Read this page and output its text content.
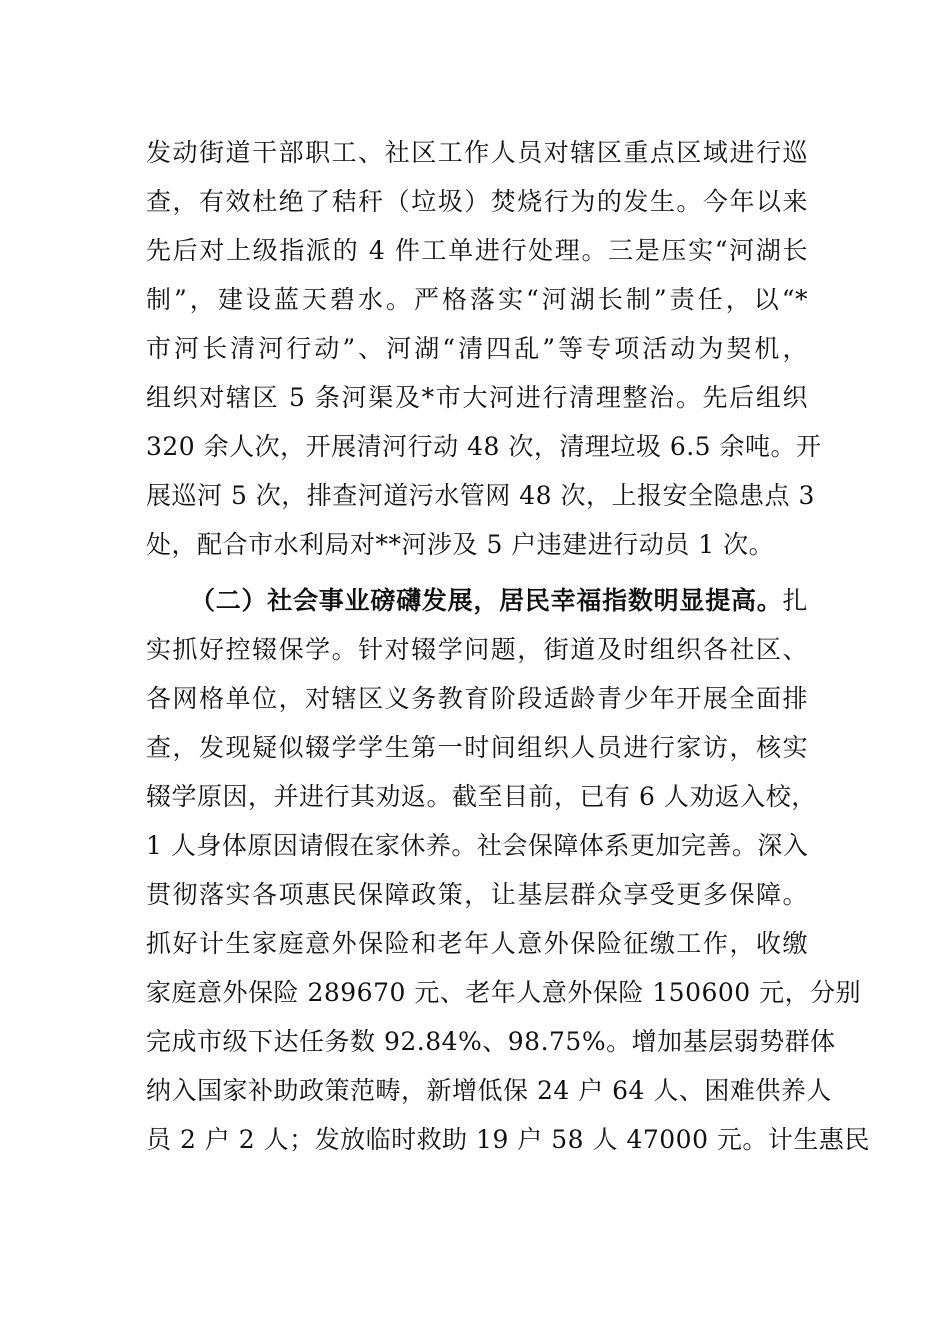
发动街道干部职工、社区工作人员对辖区重点区域进行巡
查，有效杜绝了秸秆（垃圾）焚烧行为的发生。今年以来
先后对上级指派的 4 件工单进行处理。三是压实“河湖长
制”，建设蓝天碧水。严格落实“河湖长制”责任，以“*
市河长清河行动”、河湖“清四乱”等专项活动为契机，
组织对辖区 5 条河渠及*市大河进行清理整治。先后组织
320 余人次，开展清河行动 48 次，清理垃圾 6.5 余吨。开
展巡河 5 次，排查河道污水管网 48 次，上报安全隐患点 3
处，配合市水利局对**河涉及 5 户违建进行动员 1 次。
（二）社会事业磅礴发展，居民幸福指数明显提高。扎
实抓好控辍保学。针对辍学问题，街道及时组织各社区、
各网格单位，对辖区义务教育阶段适龄青少年开展全面排
查，发现疑似辍学学生第一时间组织人员进行家访，核实
辍学原因，并进行其劝返。截至目前，已有 6 人劝返入校，
1 人身体原因请假在家休养。社会保障体系更加完善。深入
贯彻落实各项惠民保障政策，让基层群众享受更多保障。
抓好计生家庭意外保险和老年人意外保险征缴工作，收缴
家庭意外保险 289670 元、老年人意外保险 150600 元，分别
完成市级下达任务数 92.84%、98.75%。增加基层弱势群体
纳入国家补助政策范畴，新增低保 24 户 64 人、困难供养人
员 2 户 2 人；发放临时救助 19 户 58 人 47000 元。计生惠民
